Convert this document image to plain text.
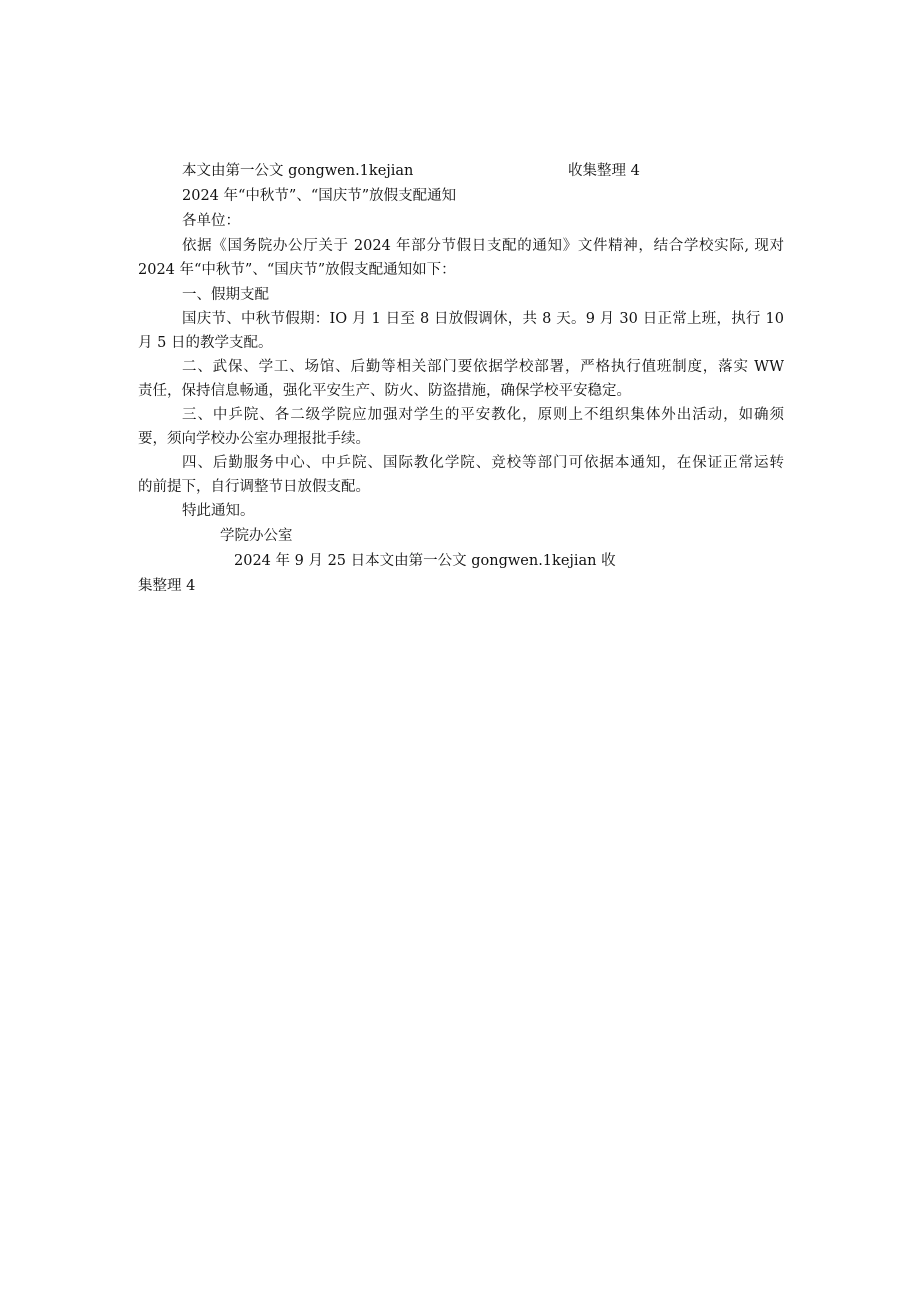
本文由第一公文 gongwen.1kejian	收集整理 4
2024 年“中秋节”、“国庆节”放假支配通知
各单位：
依据《国务院办公厅关于 2024 年部分节假日支配的通知》文件精神，结合学校实际, 现对
2024 年“中秋节”、“国庆节”放假支配通知如下：
一、假期支配
国庆节、中秋节假期：IO 月 1 日至 8 日放假调休，共 8 天。9 月 30 日正常上班，执行 10
月 5 日的教学支配。
二、武保、学工、场馆、后勤等相关部门要依据学校部署，严格执行值班制度，落实 WW
责任，保持信息畅通，强化平安生产、防火、防盗措施，确保学校平安稳定。
三、中乒院、各二级学院应加强对学生的平安教化，原则上不组织集体外出活动，如确须
要，须向学校办公室办理报批手续。
四、后勤服务中心、中乒院、国际教化学院、竞校等部门可依据本通知，在保证正常运转
的前提下，自行调整节日放假支配。
特此通知。
学院办公室
2024 年 9 月 25 日本文由第一公文 gongwen.1kejian 收
集整理 4
